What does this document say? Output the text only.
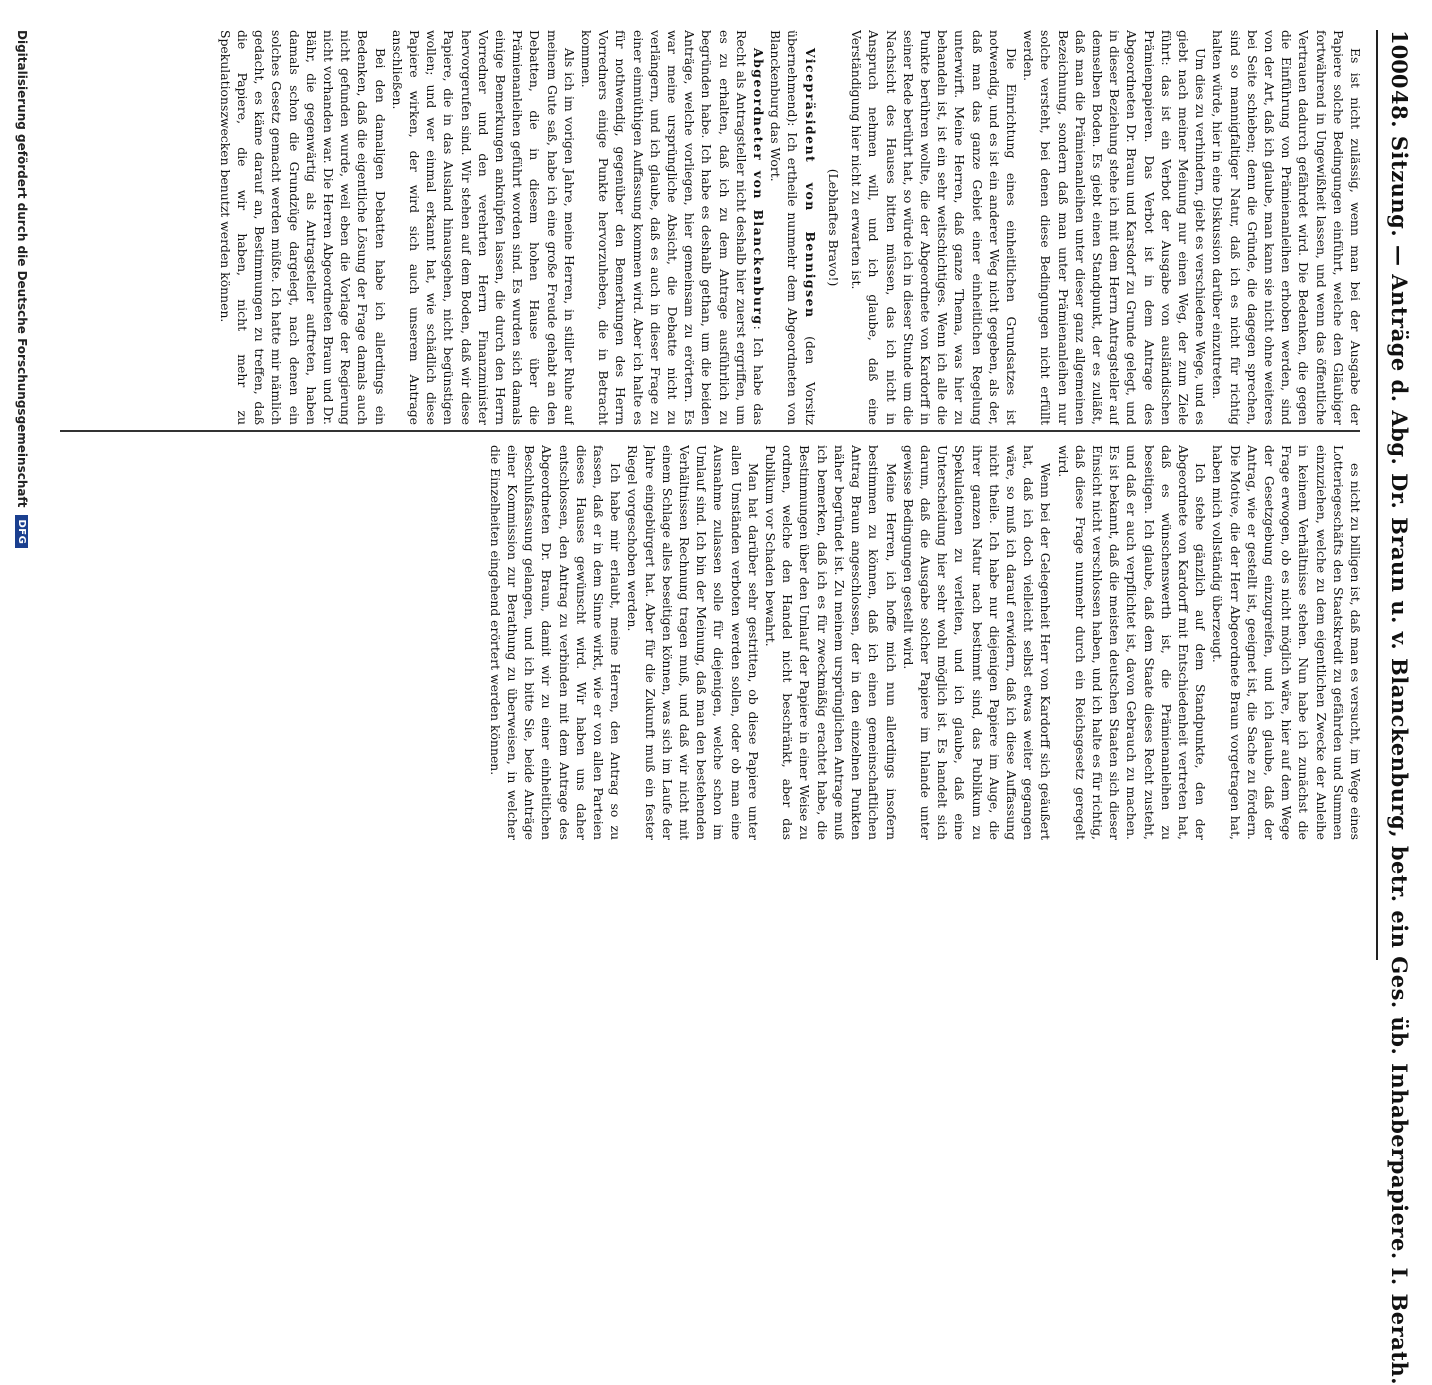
1000
48. Sitzung. — Anträge d. Abg. Dr. Braun u. v. Blanckenburg, betr. ein Ges. üb. Inhaberpapiere. I. Berath.

Es ist nicht zulässig, wenn man bei der Ausgabe der Papiere solche Bedingungen einführt, welche den Gläubiger fortwährend in Ungewißheit lassen, und wenn das öffentliche Vertrauen dadurch gefährdet wird. Die Bedenken, die gegen die Einführung von Prämienanleihen erhoben werden, sind von der Art, daß ich glaube, man kann sie nicht ohne weiteres bei Seite schieben; denn die Gründe, die dagegen sprechen, sind so mannigfaltiger Natur, daß ich es nicht für richtig halten würde, hier in eine Diskussion darüber einzutreten.

Um dies zu verhindern, giebt es verschiedene Wege, und es giebt nach meiner Meinung nur einen Weg, der zum Ziele führt: das ist ein Verbot der Ausgabe von ausländischen Prämienpapieren. Das Verbot ist in dem Antrage des Abgeordneten Dr. Braun und Karsdorf zu Grunde gelegt, und in dieser Beziehung stehe ich mit dem Herrn Antragsteller auf demselben Boden. Es giebt einen Standpunkt, der es zuläßt, daß man die Prämienanleihen unter dieser ganz allgemeinen Bezeichnung, sondern daß man unter Prämienanleihen nur solche versteht, bei denen diese Bedingungen nicht erfüllt werden.

Die Einrichtung eines einheitlichen Grundsatzes ist notwendig, und es ist ein anderer Weg nicht gegeben, als der, daß man das ganze Gebiet einer einheitlichen Regelung unterwirft. Meine Herren, daß ganze Thema, was hier zu behandeln ist, ist ein sehr weitschichtiges. Wenn ich alle die Punkte berühren wollte, die der Abgeordnete von Kardorff in seiner Rede berührt hat, so würde ich in dieser Stunde um die Nachsicht des Hauses bitten müssen, das ich nicht in Anspruch nehmen will, und ich glaube, daß eine Verständigung hier nicht zu erwarten ist.

(Lebhaftes Bravo!)

Vicepräsident von Bennigsen (den Vorsitz übernehmend): Ich ertheile nunmehr dem Abgeordneten von Blanckenburg das Wort.

Abgeordneter von Blanckenburg: Ich habe das Recht als Antragsteller nicht deshalb hier zuerst ergriffen, um es zu erhalten, daß ich zu dem Antrage ausführlich zu begründen habe. Ich habe es deshalb gethan, um die beiden Anträge, welche vorliegen, hier gemeinsam zu erörtern. Es war meine ursprüngliche Absicht, die Debatte nicht zu verlängern, und ich glaube, daß es auch in dieser Frage zu einer einmüthigen Auffassung kommen wird. Aber ich halte es für nothwendig, gegenüber den Bemerkungen des Herrn Vorredners einige Punkte hervorzuheben, die in Betracht kommen.

Als ich im vorigen Jahre, meine Herren, in stiller Ruhe auf meinem Gute saß, habe ich eine große Freude gehabt an den Debatten, die in diesem hohen Hause über die Prämienanleihen geführt worden sind. Es wurden sich damals einige Bemerkungen anknüpfen lassen, die durch den Herrn Vorredner und den verehrten Herrn Finanzminister hervorgerufen sind. Wir stehen auf dem Boden, daß wir diese Papiere, die in das Ausland hinausgehen, nicht begünstigen wollen; und wer einmal erkannt hat, wie schädlich diese Papiere wirken, der wird sich auch unserem Antrage anschließen.

Bei den damaligen Debatten habe ich allerdings ein Bedenken, daß die eigentliche Lösung der Frage damals auch nicht gefunden wurde, weil eben die Vorlage der Regierung nicht vorhanden war. Die Herren Abgeordneten Braun und Dr. Bähr, die gegenwärtig als Antragsteller auftreten, haben damals schon die Grundzüge dargelegt, nach denen ein solches Gesetz gemacht werden müßte. Ich hatte mir nämlich gedacht, es käme darauf an, Bestimmungen zu treffen, daß die Papiere, die wir haben, nicht mehr zu Spekulationszwecken benutzt werden können.

es nicht zu billigen ist, daß man es versucht, im Wege eines Lotteriegeschäfts den Staatskredit zu gefährden und Summen einzuziehen, welche zu dem eigentlichen Zwecke der Anleihe in keinem Verhältnisse stehen. Nun habe ich zunächst die Frage erwogen, ob es nicht möglich wäre, hier auf dem Wege der Gesetzgebung einzugreifen, und ich glaube, daß der Antrag, wie er gestellt ist, geeignet ist, die Sache zu fördern. Die Motive, die der Herr Abgeordnete Braun vorgetragen hat, haben mich vollständig überzeugt.

Ich stehe gänzlich auf dem Standpunkte, den der Abgeordnete von Kardorff mit Entschiedenheit vertreten hat, daß es wünschenswerth ist, die Prämienanleihen zu beseitigen. Ich glaube, daß dem Staate dieses Recht zusteht, und daß er auch verpflichtet ist, davon Gebrauch zu machen. Es ist bekannt, daß die meisten deutschen Staaten sich dieser Einsicht nicht verschlossen haben, und ich halte es für richtig, daß diese Frage nunmehr durch ein Reichsgesetz geregelt wird.

Wenn bei der Gelegenheit Herr von Kardorff sich geäußert hat, daß ich doch vielleicht selbst etwas weiter gegangen wäre, so muß ich darauf erwidern, daß ich diese Auffassung nicht theile. Ich habe nur diejenigen Papiere im Auge, die ihrer ganzen Natur nach bestimmt sind, das Publikum zu Spekulationen zu verleiten, und ich glaube, daß eine Unterscheidung hier sehr wohl möglich ist. Es handelt sich darum, daß die Ausgabe solcher Papiere im Inlande unter gewisse Bedingungen gestellt wird.

Meine Herren, ich hoffe mich nun allerdings insofern bestimmen zu können, daß ich einen gemeinschaftlichen Antrag Braun angeschlossen, der in den einzelnen Punkten näher begründet ist. Zu meinem ursprünglichen Antrage muß ich bemerken, daß ich es für zweckmäßig erachtet habe, die Bestimmungen über den Umlauf der Papiere in einer Weise zu ordnen, welche den Handel nicht beschränkt, aber das Publikum vor Schaden bewahrt.

Man hat darüber sehr gestritten, ob diese Papiere unter allen Umständen verboten werden sollen, oder ob man eine Ausnahme zulassen solle für diejenigen, welche schon im Umlauf sind. Ich bin der Meinung, daß man den bestehenden Verhältnissen Rechnung tragen muß, und daß wir nicht mit einem Schlage alles beseitigen können, was sich im Laufe der Jahre eingebürgert hat. Aber für die Zukunft muß ein fester Riegel vorgeschoben werden.

Ich habe mir erlaubt, meine Herren, den Antrag so zu fassen, daß er in dem Sinne wirkt, wie er von allen Parteien dieses Hauses gewünscht wird. Wir haben uns daher entschlossen, den Antrag zu verbinden mit dem Antrage des Abgeordneten Dr. Braun, damit wir zu einer einheitlichen Beschlußfassung gelangen, und ich bitte Sie, beide Anträge einer Kommission zur Berathung zu überweisen, in welcher die Einzelheiten eingehend erörtert werden können.

Digitalisierung gefördert durch die Deutsche Forschungsgemeinschaft
DFG
